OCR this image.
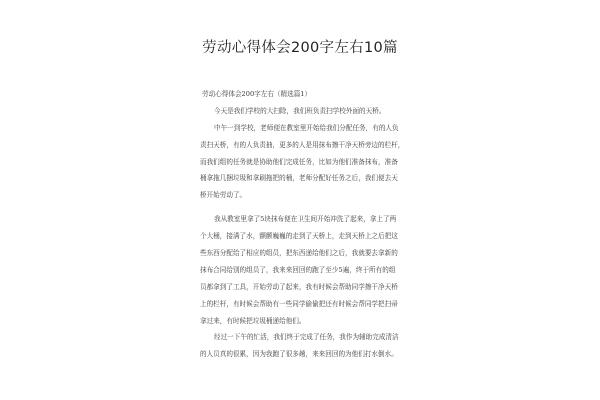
劳动心得体会200字左右10篇
劳动心得体会200字左右（精选篇1）
今天是我们学校的大扫除，我们班负责扫学校外面的天桥。
中午一到学校，老师便在教室里开始给我们分配任务，有的人负
责扫天桥，有的人负责抽，更多的人是用抹布擦干净天桥旁边的栏杆，
而我们组的任务就是协助他们完成任务，比如为他们准备抹布，准备
桶拿拖几捆垃圾和拿刷拖把的桶，老师分配好任务之后，我们便去天
桥开始劳动了。
我从教室里拿了5块抹布便在卫生间开始冲洗了起来，拿上了两
个大桶，接满了水，颤颤巍巍的走到了天桥上，走到天桥上之后把这
些东西分配给了相应的组员，把东西递给他们之后，我就要去拿新的
抹布合同给别的组员了，我来来回回的跑了至少5遍，终于所有的组
员都拿到了工具，开始劳动了起来，我有时候会帮助同学擦干净天桥
上的栏杆，有时候会帮助有一些同学偷偷把还有时候会帮同学把扫帚
拿过来，有时候把垃圾桶递给他们。
经过一下午的忙活，我们终于完成了任务，我作为辅助完成清洁
的人员真的很累，因为我跑了很多趟，来来回回的为他们打水倒水。
